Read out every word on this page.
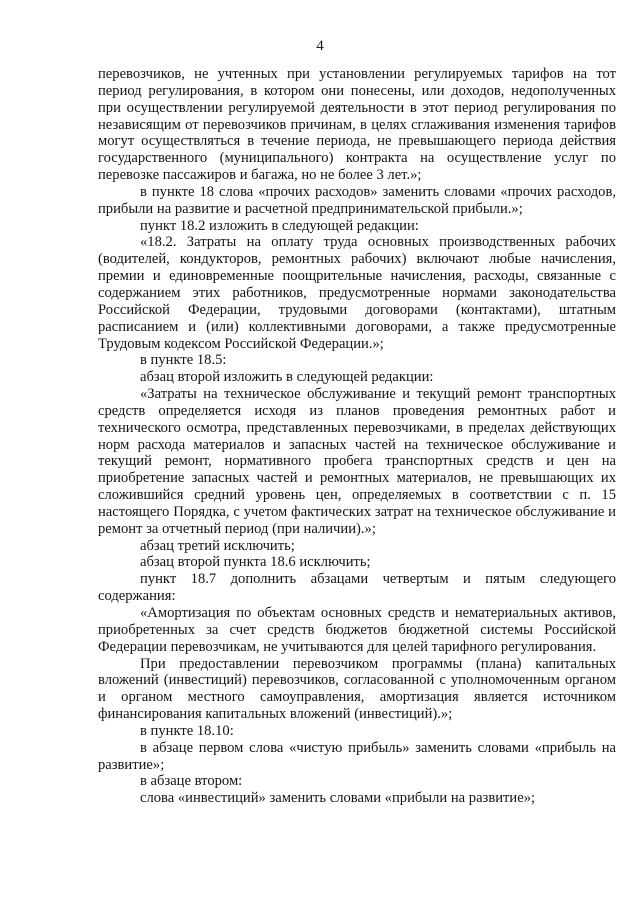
4

перевозчиков, не учтенных при установлении регулируемых тарифов на тот период регулирования, в котором они понесены, или доходов, недополученных при осуществлении регулируемой деятельности в этот период регулирования по независящим от перевозчиков причинам, в целях сглаживания изменения тарифов могут осуществляться в течение периода, не превышающего периода действия государственного (муниципального) контракта на осуществление услуг по перевозке пассажиров и багажа, но не более 3 лет.»;

в пункте 18 слова «прочих расходов» заменить словами «прочих расходов, прибыли на развитие и расчетной предпринимательской прибыли.»;

пункт 18.2 изложить в следующей редакции:

«18.2. Затраты на оплату труда основных производственных рабочих (водителей, кондукторов, ремонтных рабочих) включают любые начисления, премии и единовременные поощрительные начисления, расходы, связанные с содержанием этих работников, предусмотренные нормами законодательства Российской Федерации, трудовыми договорами (контактами), штатным расписанием и (или) коллективными договорами, а также предусмотренные Трудовым кодексом Российской Федерации.»;

в пункте 18.5:

абзац второй изложить в следующей редакции:

«Затраты на техническое обслуживание и текущий ремонт транспортных средств определяется исходя из планов проведения ремонтных работ и технического осмотра, представленных перевозчиками, в пределах действующих норм расхода материалов и запасных частей на техническое обслуживание и текущий ремонт, нормативного пробега транспортных средств и цен на приобретение запасных частей и ремонтных материалов, не превышающих их сложившийся средний уровень цен, определяемых в соответствии с п. 15 настоящего Порядка, с учетом фактических затрат на техническое обслуживание и ремонт за отчетный период (при наличии).»;

абзац третий исключить;

абзац второй пункта 18.6 исключить;

пункт 18.7 дополнить абзацами четвертым и пятым следующего содержания:

«Амортизация по объектам основных средств и нематериальных активов, приобретенных за счет средств бюджетов бюджетной системы Российской Федерации перевозчикам, не учитываются для целей тарифного регулирования.

При предоставлении перевозчиком программы (плана) капитальных вложений (инвестиций) перевозчиков, согласованной с уполномоченным органом и органом местного самоуправления, амортизация является источником финансирования капитальных вложений (инвестиций).»;

в пункте 18.10:

в абзаце первом слова «чистую прибыль» заменить словами «прибыль на развитие»;

в абзаце втором:

слова «инвестиций» заменить словами «прибыли на развитие»;
